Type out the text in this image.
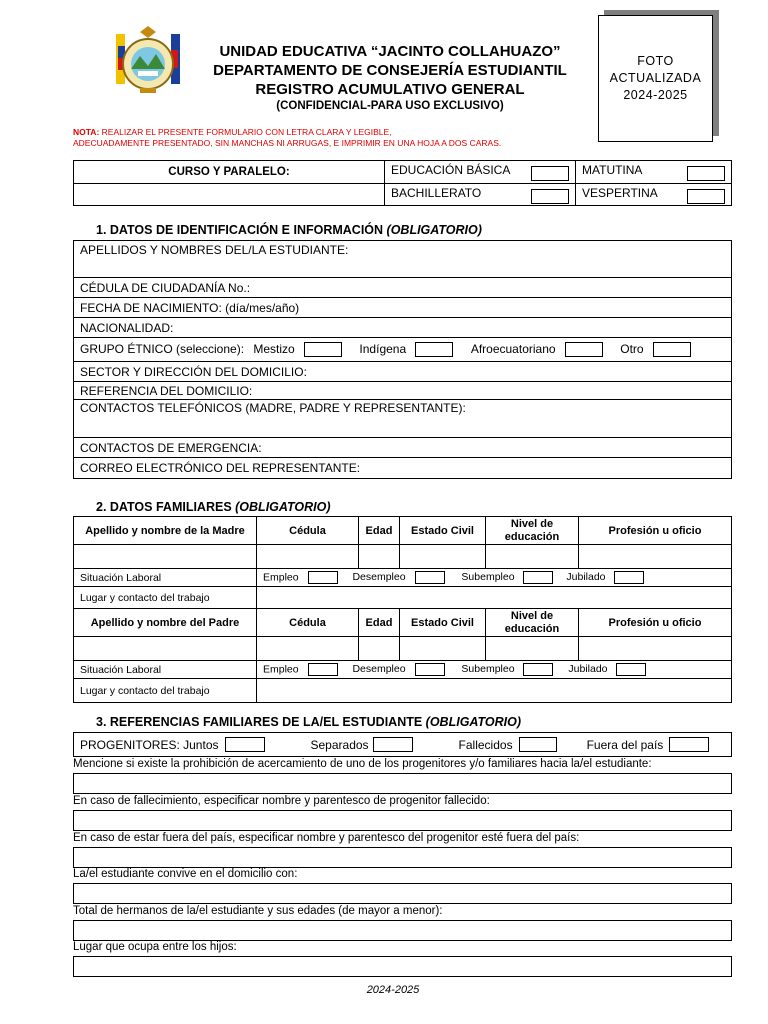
UNIDAD EDUCATIVA “JACINTO COLLAHUAZO”
DEPARTAMENTO DE CONSEJERÍA ESTUDIANTIL
REGISTRO ACUMULATIVO GENERAL
(CONFIDENCIAL-PARA USO EXCLUSIVO)
FOTO
ACTUALIZADA
2024-2025
NOTA: REALIZAR EL PRESENTE FORMULARIO CON LETRA CLARA Y LEGIBLE,
ADECUADAMENTE PRESENTADO, SIN MANCHAS NI ARRUGAS, E IMPRIMIR EN UNA HOJA A DOS CARAS.
CURSO Y PARALELO:	EDUCACIÓN BÁSICA	MATUTINA

	BACHILLERATO	VESPERTINA
1. DATOS DE IDENTIFICACIÓN E INFORMACIÓN (OBLIGATORIO)
APELLIDOS Y NOMBRES DEL/LA ESTUDIANTE:
CÉDULA DE CIUDADANÍA No.:
FECHA DE NACIMIENTO: (día/mes/año)
NACIONALIDAD:
GRUPO ÉTNICO (seleccione): Mestizo	Indígena	Afroecuatoriano	Otro
SECTOR Y DIRECCIÓN DEL DOMICILIO:
REFERENCIA DEL DOMICILIO:
CONTACTOS TELEFÓNICOS (MADRE, PADRE Y REPRESENTANTE):
CONTACTOS DE EMERGENCIA:
CORREO ELECTRÓNICO DEL REPRESENTANTE:
2. DATOS FAMILIARES (OBLIGATORIO)
Apellido y nombre de la Madre	Cédula	Edad	Estado Civil	Nivel de educación	Profesión u oficio

Situación Laboral	Empleo Desempleo Subempleo Jubilado				
Lugar y contacto del trabajo					
Apellido y nombre del Padre	Cédula	Edad	Estado Civil	Nivel de educación	Profesión u oficio

Situación Laboral	Empleo Desempleo Subempleo Jubilado				
Lugar y contacto del trabajo					
3. REFERENCIAS FAMILIARES DE LA/EL ESTUDIANTE (OBLIGATORIO)
PROGENITORES: Juntos	Separados	Fallecidos	Fuera del país
Mencione si existe la prohibición de acercamiento de uno de los progenitores y/o familiares hacia la/el estudiante:
En caso de fallecimiento, especificar nombre y parentesco de progenitor fallecido:
En caso de estar fuera del país, especificar nombre y parentesco del progenitor esté fuera del país:
La/el estudiante convive en el domicilio con:
Total de hermanos de la/el estudiante y sus edades (de mayor a menor):
Lugar que ocupa entre los hijos:
2024-2025
